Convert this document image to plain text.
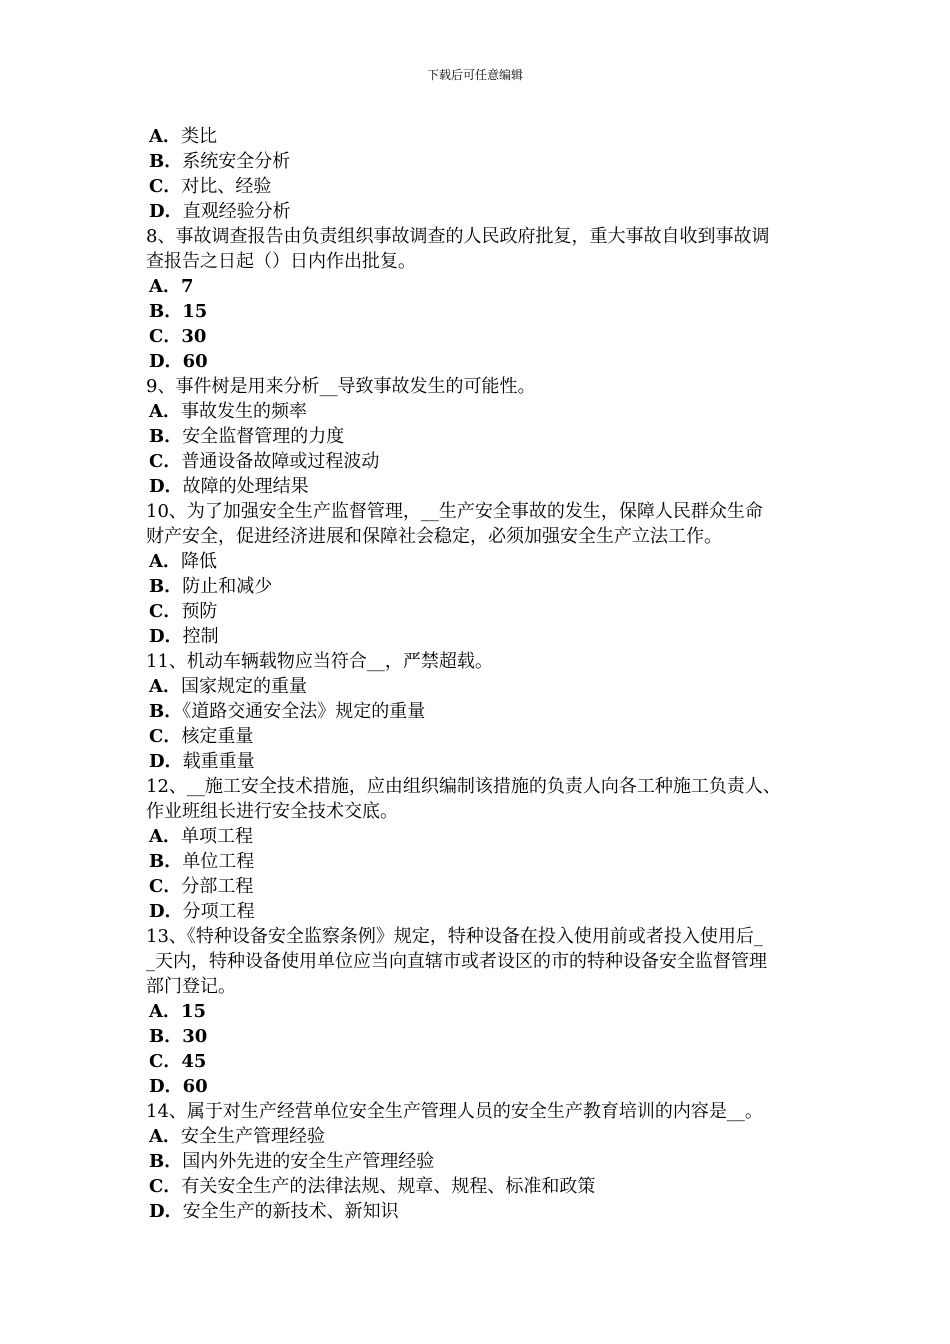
下载后可任意编辑
A．类比
B．系统安全分析
C．对比、经验
D．直观经验分析
8、事故调查报告由负责组织事故调查的人民政府批复，重大事故自收到事故调
查报告之日起（）日内作出批复。
A．7
B．15
C．30
D．60
9、事件树是用来分析__导致事故发生的可能性。
A．事故发生的频率
B．安全监督管理的力度
C．普通设备故障或过程波动
D．故障的处理结果
10、为了加强安全生产监督管理，__生产安全事故的发生，保障人民群众生命
财产安全，促进经济进展和保障社会稳定，必须加强安全生产立法工作。
A．降低
B．防止和减少
C．预防
D．控制
11、机动车辆载物应当符合__，严禁超载。
A．国家规定的重量
B．《道路交通安全法》规定的重量
C．核定重量
D．载重重量
12、__施工安全技术措施，应由组织编制该措施的负责人向各工种施工负责人、
作业班组长进行安全技术交底。
A．单项工程
B．单位工程
C．分部工程
D．分项工程
13、《特种设备安全监察条例》规定，特种设备在投入使用前或者投入使用后_
_天内，特种设备使用单位应当向直辖市或者设区的市的特种设备安全监督管理
部门登记。
A．15
B．30
C．45
D．60
14、属于对生产经营单位安全生产管理人员的安全生产教育培训的内容是__。
A．安全生产管理经验
B．国内外先进的安全生产管理经验
C．有关安全生产的法律法规、规章、规程、标准和政策
D．安全生产的新技术、新知识
